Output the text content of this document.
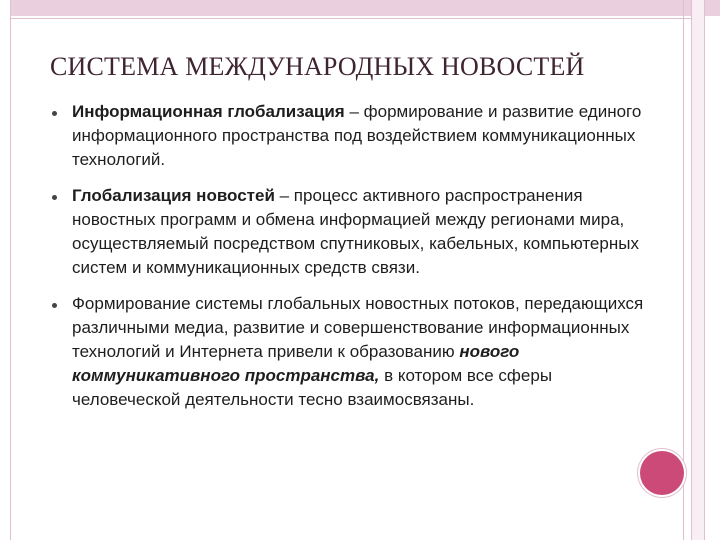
СИСТЕМА МЕЖДУНАРОДНЫХ НОВОСТЕЙ
Информационная глобализация – формирование и развитие единого информационного пространства под воздействием коммуникационных технологий.
Глобализация новостей – процесс активного распространения новостных программ и обмена информацией между регионами мира, осуществляемый посредством спутниковых, кабельных, компьютерных систем и коммуникационных средств связи.
Формирование системы глобальных новостных потоков, передающихся различными медиа, развитие и совершенствование информационных технологий и Интернета привели к образованию нового коммуникативного пространства, в котором все сферы человеческой деятельности тесно взаимосвязаны.
